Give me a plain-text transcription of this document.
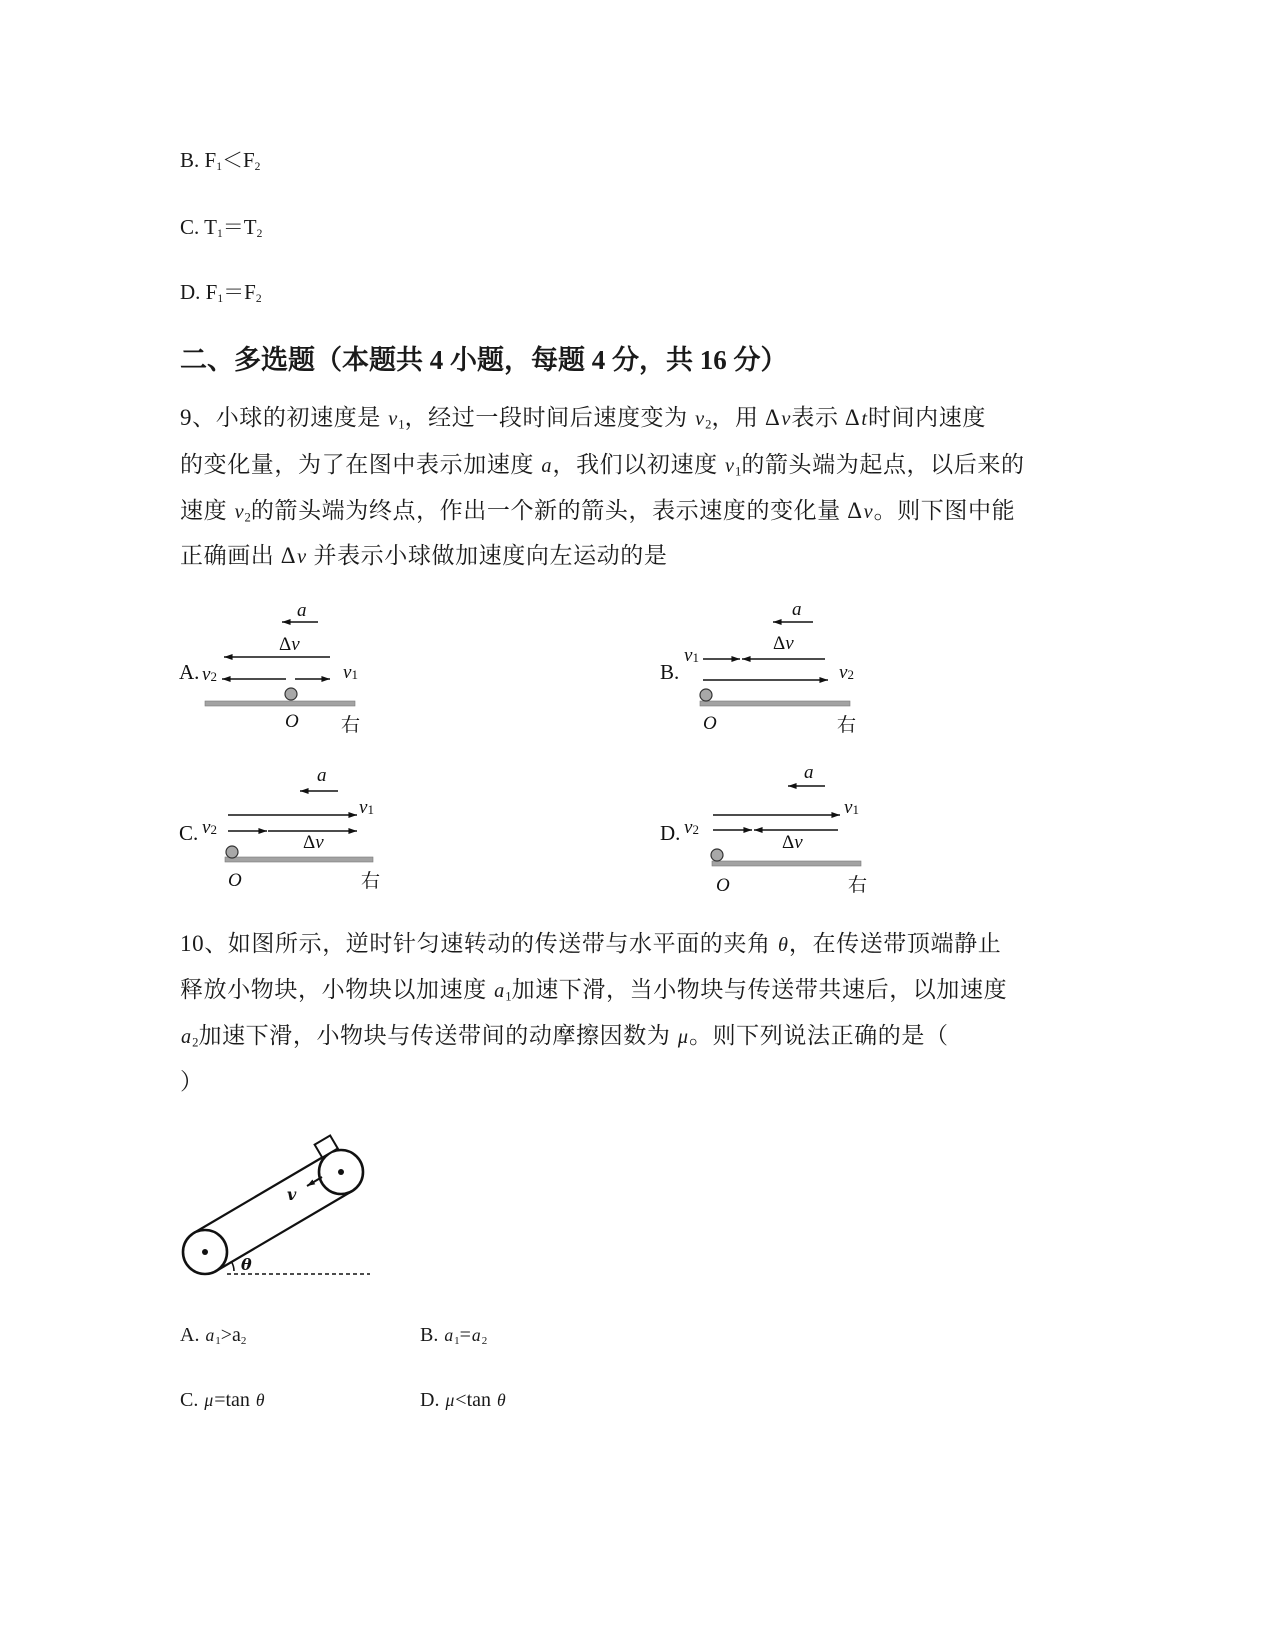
B. $F_1<F_2$
C. $T_1=T_2$
D. $F_1=F_2$
二、多选题（本题共 4 小题，每题 4 分，共 16 分）
9、小球的初速度是 $v_1$，经过一段时间后速度变为 $v_2$，用 Δv表示 Δt时间内速度
的变化量，为了在图中表示加速度 a，我们以初速度 $v_1$的箭头端为起点，以后来的
速度 $v_2$的箭头端为终点，作出一个新的箭头，表示速度的变化量 Δv。则下图中能
正确画出 Δv 并表示小球做加速度向左运动的是
A.
a
Δv
v2	v1
O 右
B.
a
Δv
v1
v2
O	右
C.
a
v1
v2
Δv
O	右
D.
a
v1
v2
Δv
O	右
10、如图所示，逆时针匀速转动的传送带与水平面的夹角 θ，在传送带顶端静止
释放小物块，小物块以加速度 $a_1$加速下滑，当小物块与传送带共速后，以加速度
$a_2$加速下滑，小物块与传送带间的动摩擦因数为 μ。则下列说法正确的是（
）
v
θ
A. $a_1>a_2$	B. $a_1=a_2$
C. μ=tan θ	D. μ<tan θ
